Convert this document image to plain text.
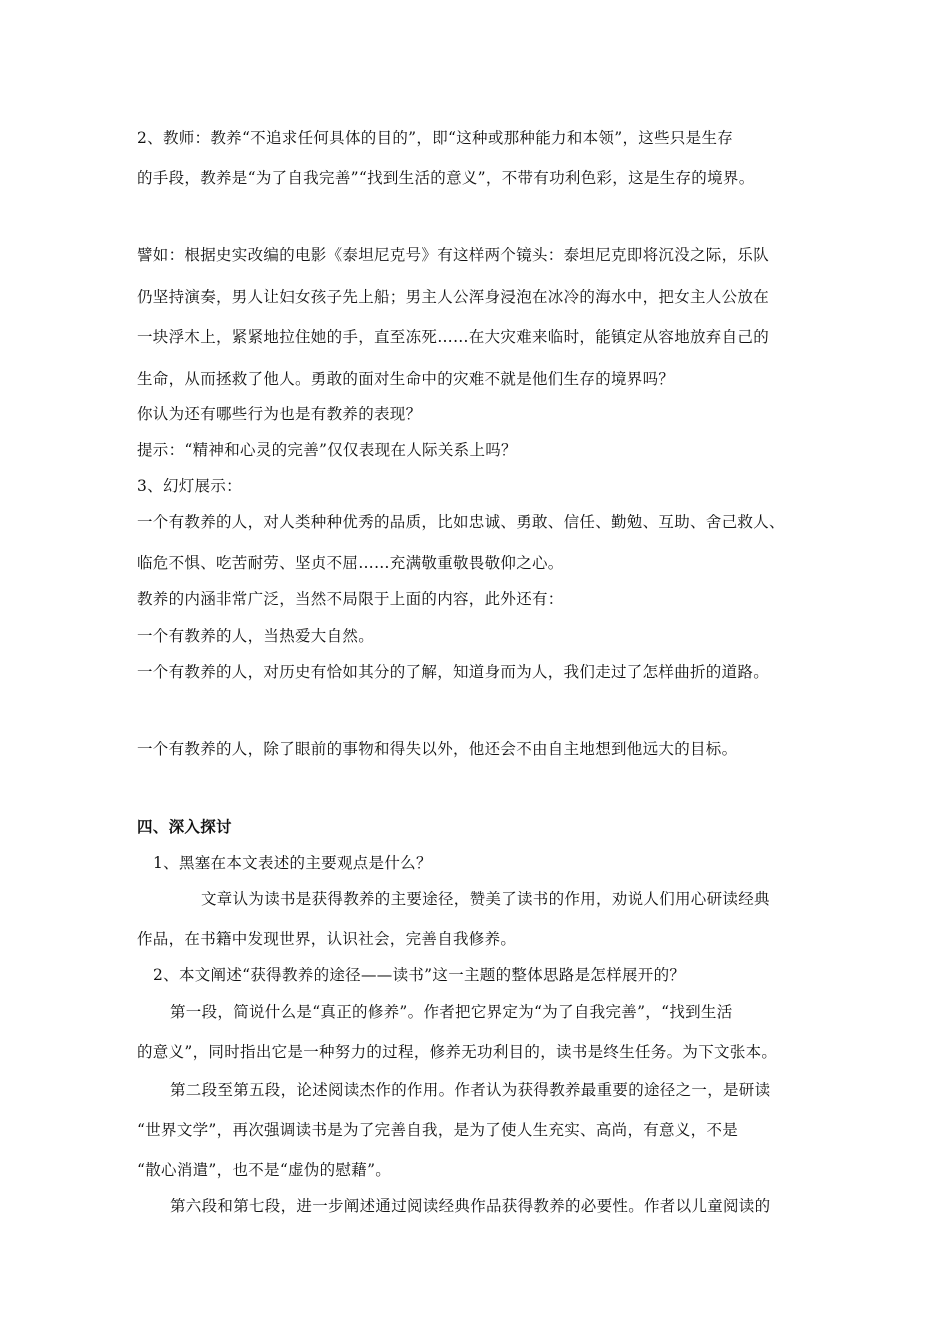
2、教师：教养“不追求任何具体的目的”，即“这种或那种能力和本领”，这些只是生存
的手段，教养是“为了自我完善”“找到生活的意义”，不带有功利色彩，这是生存的境界。
譬如：根据史实改编的电影《泰坦尼克号》有这样两个镜头：泰坦尼克即将沉没之际，乐队
仍坚持演奏，男人让妇女孩子先上船；男主人公浑身浸泡在冰冷的海水中，把女主人公放在
一块浮木上，紧紧地拉住她的手，直至冻死……在大灾难来临时，能镇定从容地放弃自己的
生命，从而拯救了他人。勇敢的面对生命中的灾难不就是他们生存的境界吗？
你认为还有哪些行为也是有教养的表现？
提示：“精神和心灵的完善”仅仅表现在人际关系上吗？
3、幻灯展示：
一个有教养的人，对人类种种优秀的品质，比如忠诚、勇敢、信任、勤勉、互助、舍己救人、
临危不惧、吃苦耐劳、坚贞不屈……充满敬重敬畏敬仰之心。
教养的内涵非常广泛，当然不局限于上面的内容，此外还有：
一个有教养的人，当热爱大自然。
一个有教养的人，对历史有恰如其分的了解，知道身而为人，我们走过了怎样曲折的道路。
一个有教养的人，除了眼前的事物和得失以外，他还会不由自主地想到他远大的目标。
四、深入探讨
1、黑塞在本文表述的主要观点是什么？
文章认为读书是获得教养的主要途径，赞美了读书的作用，劝说人们用心研读经典
作品，在书籍中发现世界，认识社会，完善自我修养。
2、本文阐述“获得教养的途径——读书”这一主题的整体思路是怎样展开的？
第一段，简说什么是“真正的修养”。作者把它界定为“为了自我完善”，“找到生活
的意义”，同时指出它是一种努力的过程，修养无功利目的，读书是终生任务。为下文张本。
第二段至第五段，论述阅读杰作的作用。作者认为获得教养最重要的途径之一，是研读
“世界文学”，再次强调读书是为了完善自我，是为了使人生充实、高尚，有意义，不是
“散心消遣”，也不是“虚伪的慰藉”。
第六段和第七段，进一步阐述通过阅读经典作品获得教养的必要性。作者以儿童阅读的
